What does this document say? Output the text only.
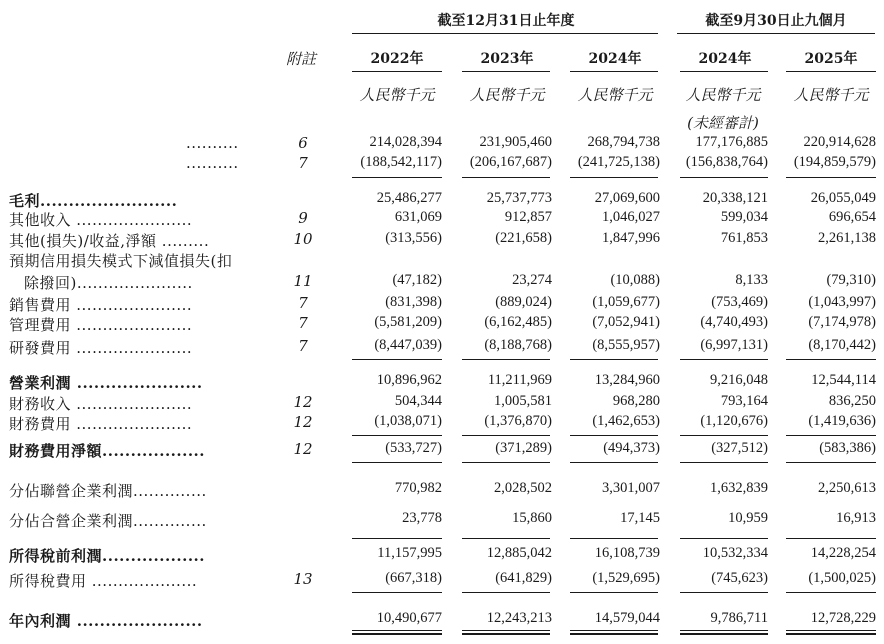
截至12月31日止年度	截至9月30日止九個月
附註	2022年	2023年	2024年	2024年	2025年
人民幣千元	人民幣千元	人民幣千元	人民幣千元	人民幣千元
(未經審計)
..........	6	214,028,394	231,905,460	268,794,738	177,176,885	220,914,628
..........	7	(188,542,117)	(206,167,687)	(241,725,138)	(156,838,764)	(194,859,579)
毛利........................	25,486,277	25,737,773	27,069,600	20,338,121	26,055,049
其他收入 ......................	9	631,069	912,857	1,046,027	599,034	696,654
其他(損失)/收益,淨額 .........	10	(313,556)	(221,658)	1,847,996	761,853	2,261,138
預期信用損失模式下減值損失(扣
除撥回)......................	11	(47,182)	23,274	(10,088)	8,133	(79,310)
銷售費用 ......................	7	(831,398)	(889,024)	(1,059,677)	(753,469)	(1,043,997)
管理費用 ......................	7	(5,581,209)	(6,162,485)	(7,052,941)	(4,740,493)	(7,174,978)
研發費用 ......................	7	(8,447,039)	(8,188,768)	(8,555,957)	(6,997,131)	(8,170,442)
營業利潤 ......................	10,896,962	11,211,969	13,284,960	9,216,048	12,544,114
財務收入 ......................	12	504,344	1,005,581	968,280	793,164	836,250
財務費用 ......................	12	(1,038,071)	(1,376,870)	(1,462,653)	(1,120,676)	(1,419,636)
財務費用淨額..................	12	(533,727)	(371,289)	(494,373)	(327,512)	(583,386)
分佔聯營企業利潤..............	770,982	2,028,502	3,301,007	1,632,839	2,250,613
分佔合營企業利潤..............	23,778	15,860	17,145	10,959	16,913
所得稅前利潤..................	11,157,995	12,885,042	16,108,739	10,532,334	14,228,254
所得稅費用 ....................	13	(667,318)	(641,829)	(1,529,695)	(745,623)	(1,500,025)
年內利潤 ......................	10,490,677	12,243,213	14,579,044	9,786,711	12,728,229
